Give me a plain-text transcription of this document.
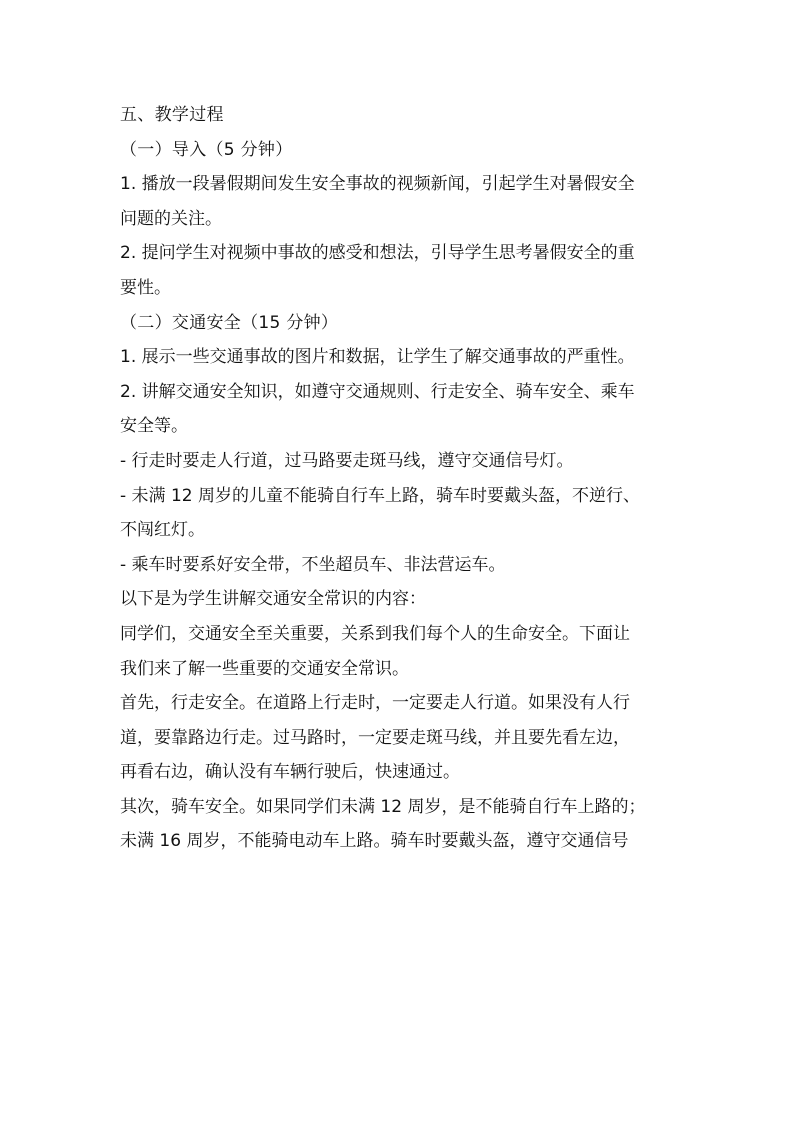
五、教学过程
（一）导入（5 分钟）
1. 播放一段暑假期间发生安全事故的视频新闻，引起学生对暑假安全
问题的关注。
2. 提问学生对视频中事故的感受和想法，引导学生思考暑假安全的重
要性。
（二）交通安全（15 分钟）
1. 展示一些交通事故的图片和数据，让学生了解交通事故的严重性。
2. 讲解交通安全知识，如遵守交通规则、行走安全、骑车安全、乘车
安全等。
- 行走时要走人行道，过马路要走斑马线，遵守交通信号灯。
- 未满 12 周岁的儿童不能骑自行车上路，骑车时要戴头盔，不逆行、
不闯红灯。
- 乘车时要系好安全带，不坐超员车、非法营运车。
以下是为学生讲解交通安全常识的内容：
同学们，交通安全至关重要，关系到我们每个人的生命安全。下面让
我们来了解一些重要的交通安全常识。
首先，行走安全。在道路上行走时，一定要走人行道。如果没有人行
道，要靠路边行走。过马路时，一定要走斑马线，并且要先看左边，
再看右边，确认没有车辆行驶后，快速通过。
其次，骑车安全。如果同学们未满 12 周岁，是不能骑自行车上路的；
未满 16 周岁，不能骑电动车上路。骑车时要戴头盔，遵守交通信号
